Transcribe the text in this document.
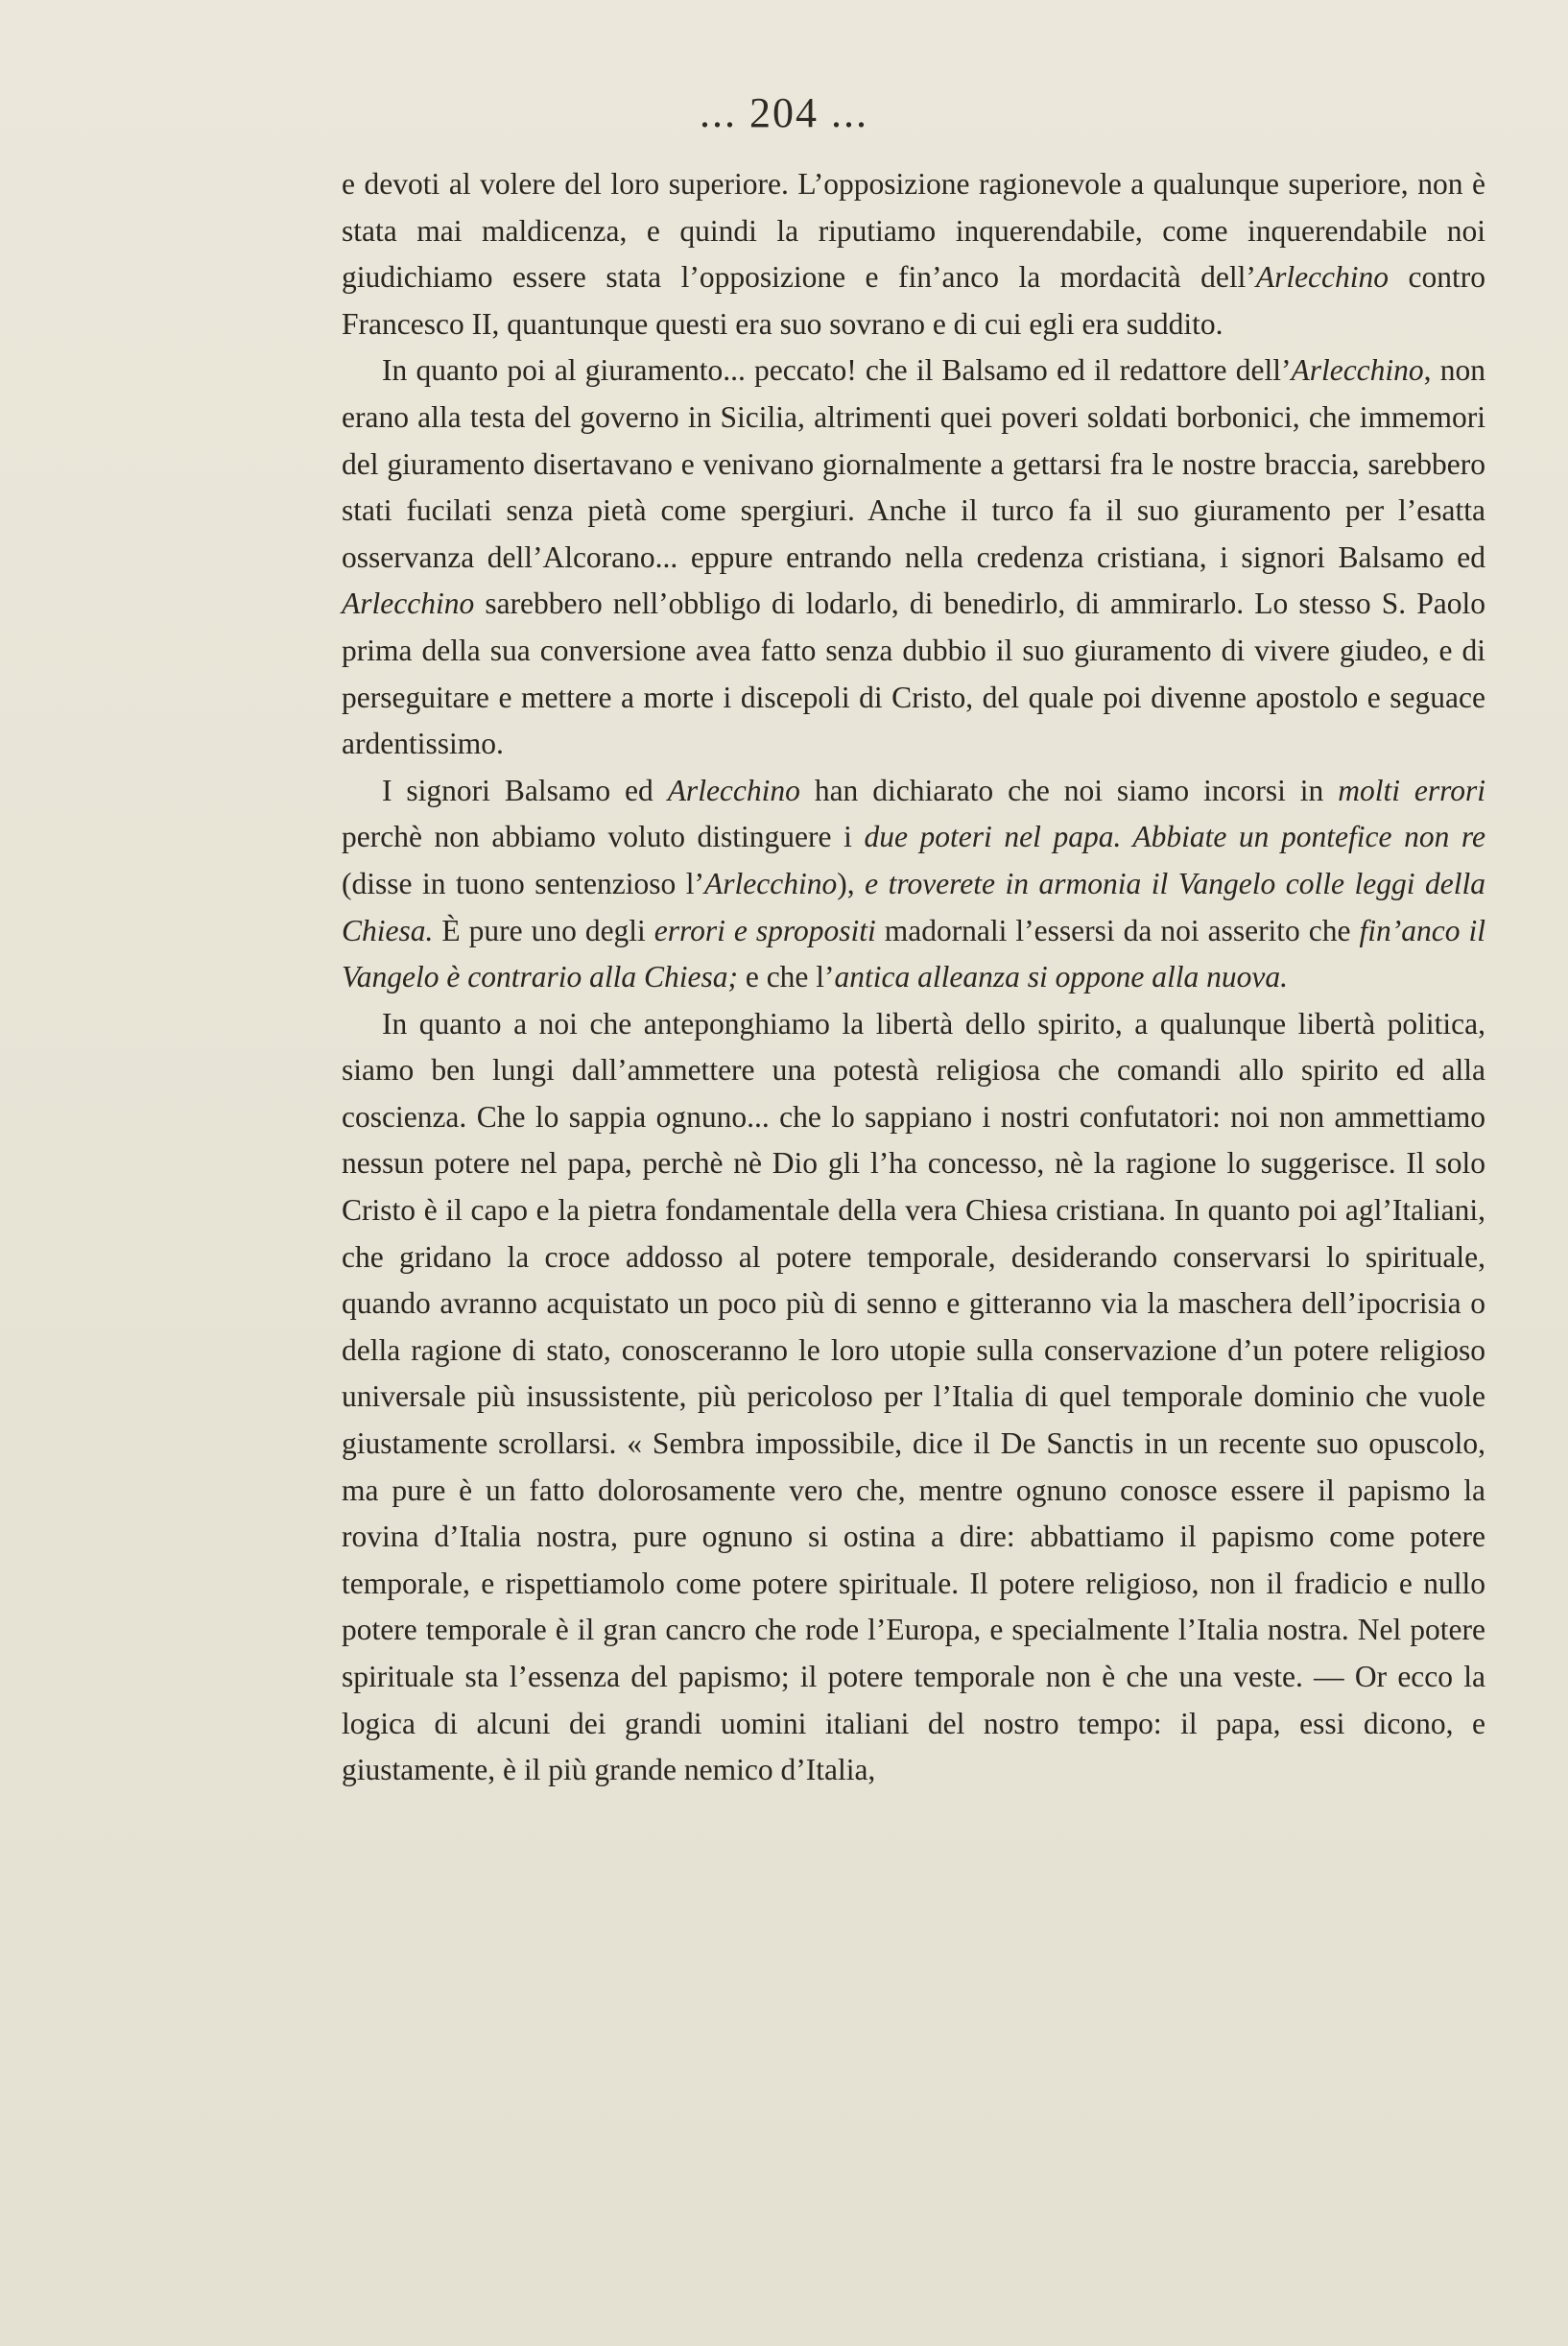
... 204 ...

e devoti al volere del loro superiore. L’opposizione ragionevole a qualunque superiore, non è stata mai maldicenza, e quindi la riputiamo inquerendabile, come inquerendabile noi giudichiamo essere stata l’opposizione e fin’anco la mordacità dell’Arlecchino contro Francesco II, quantunque questi era suo sovrano e di cui egli era suddito.

In quanto poi al giuramento... peccato! che il Balsamo ed il redattore dell’Arlecchino, non erano alla testa del governo in Sicilia, altrimenti quei poveri soldati borbonici, che immemori del giuramento disertavano e venivano giornalmente a gettarsi fra le nostre braccia, sarebbero stati fucilati senza pietà come spergiuri. Anche il turco fa il suo giuramento per l’esatta osservanza dell’Alcorano... eppure entrando nella credenza cristiana, i signori Balsamo ed Arlecchino sarebbero nell’obbligo di lodarlo, di benedirlo, di ammirarlo. Lo stesso S. Paolo prima della sua conversione avea fatto senza dubbio il suo giuramento di vivere giudeo, e di perseguitare e mettere a morte i discepoli di Cristo, del quale poi divenne apostolo e seguace ardentissimo.

I signori Balsamo ed Arlecchino han dichiarato che noi siamo incorsi in molti errori perchè non abbiamo voluto distinguere i due poteri nel papa. Abbiate un pontefice non re (disse in tuono sentenzioso l’Arlecchino), e troverete in armonia il Vangelo colle leggi della Chiesa. È pure uno degli errori e spropositi madornali l’essersi da noi asserito che fin’anco il Vangelo è contrario alla Chiesa; e che l’antica alleanza si oppone alla nuova.

In quanto a noi che anteponghiamo la libertà dello spirito, a qualunque libertà politica, siamo ben lungi dall’ammettere una potestà religiosa che comandi allo spirito ed alla coscienza. Che lo sappia ognuno... che lo sappiano i nostri confutatori: noi non ammettiamo nessun potere nel papa, perchè nè Dio gli l’ha concesso, nè la ragione lo suggerisce. Il solo Cristo è il capo e la pietra fondamentale della vera Chiesa cristiana. In quanto poi agl’Italiani, che gridano la croce addosso al potere temporale, desiderando conservarsi lo spirituale, quando avranno acquistato un poco più di senno e gitteranno via la maschera dell’ipocrisia o della ragione di stato, conosceranno le loro utopie sulla conservazione d’un potere religioso universale più insussistente, più pericoloso per l’Italia di quel temporale dominio che vuole giustamente scrollarsi. « Sembra impossibile, dice il De Sanctis in un recente suo opuscolo, ma pure è un fatto dolorosamente vero che, mentre ognuno conosce essere il papismo la rovina d’Italia nostra, pure ognuno si ostina a dire: abbattiamo il papismo come potere temporale, e rispettiamolo come potere spirituale. Il potere religioso, non il fradicio e nullo potere temporale è il gran cancro che rode l’Europa, e specialmente l’Italia nostra. Nel potere spirituale sta l’essenza del papismo; il potere temporale non è che una veste. — Or ecco la logica di alcuni dei grandi uomini italiani del nostro tempo: il papa, essi dicono, e giustamente, è il più grande nemico d’Italia,
